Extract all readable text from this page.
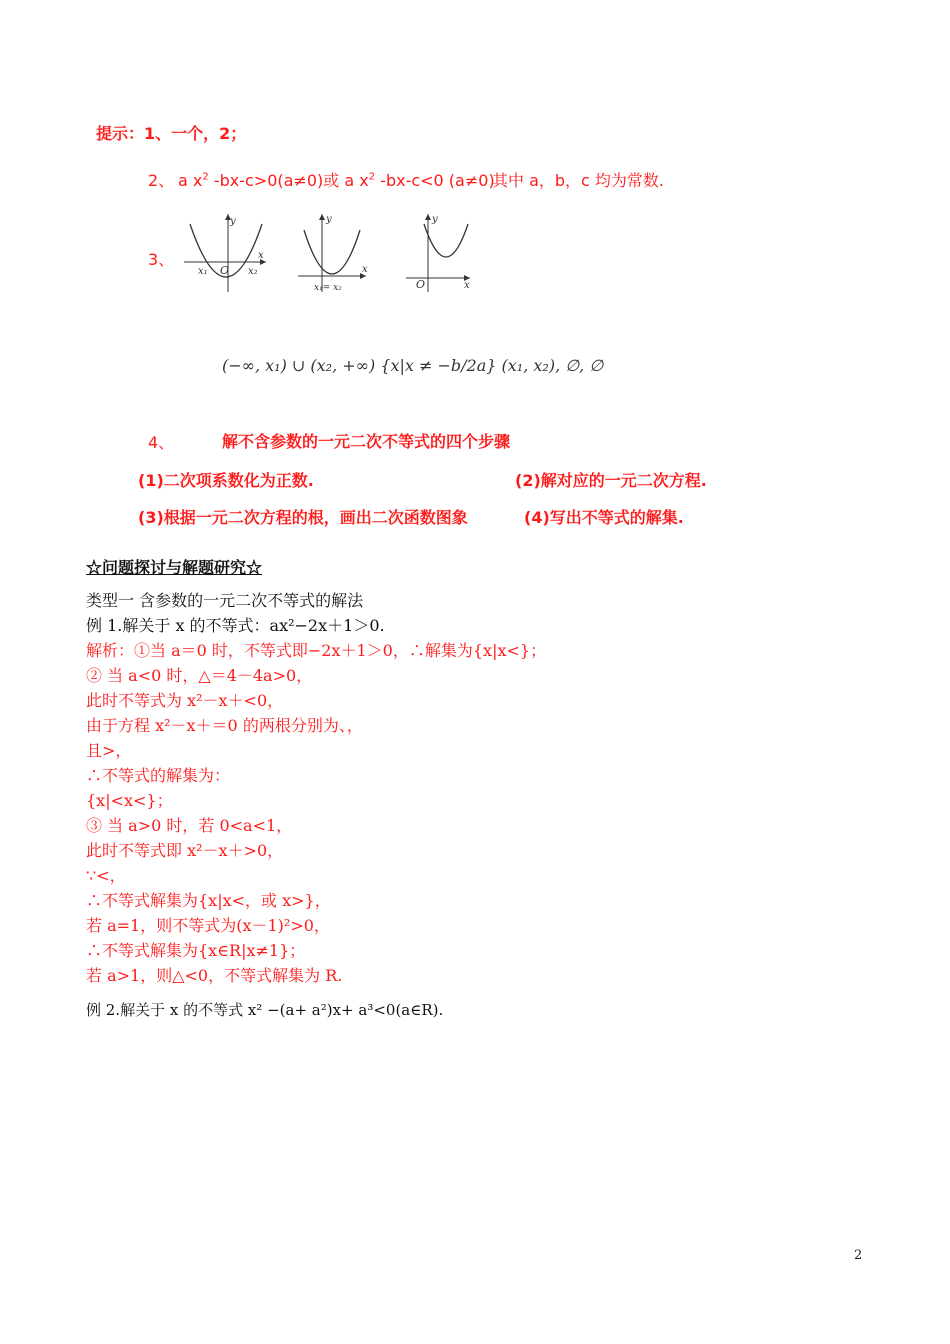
提示：1、一个，2；
2、 a $x^2$ -bx-c>0(a≠0)或 a $x^2$ -bx-c<0 (a≠0)
其中 a，b，c 均为常数.
3、
y
x
x₁ O x₂
y
x
x₁= x₂
y
x
O
(−∞, x₁) ∪ (x₂, +∞) {x|x ≠ −b/2a} (x₁, x₂), ∅, ∅
4、	解不含参数的一元二次不等式的四个步骤
(1)二次项系数化为正数.	(2)解对应的一元二次方程.
(3)根据一元二次方程的根，画出二次函数图象	(4)写出不等式的解集.
☆问题探讨与解题研究☆
类型一 含参数的一元二次不等式的解法
例 1.解关于 x 的不等式：ax²−2x＋1＞0.
解析：①当 a＝0 时，不等式即−2x＋1＞0，∴解集为{x|x<}；
② 当 a<0 时，△＝4－4a>0，
此时不等式为 x²－x＋<0，
由于方程 x²－x＋＝0 的两根分别为、，
且>，
∴不等式的解集为：
{x|<x<}；
③ 当 a>0 时，若 0<a<1，
此时不等式即 x²－x＋>0，
∵<，
∴不等式解集为{x|x<，或 x>}，
若 a=1，则不等式为(x－1)²>0，
∴不等式解集为{x∈R|x≠1}；
若 a>1，则△<0，不等式解集为 R.
例 2.解关于 x 的不等式 x² −(a+ a²)x+ a³<0(a∈R).
2
